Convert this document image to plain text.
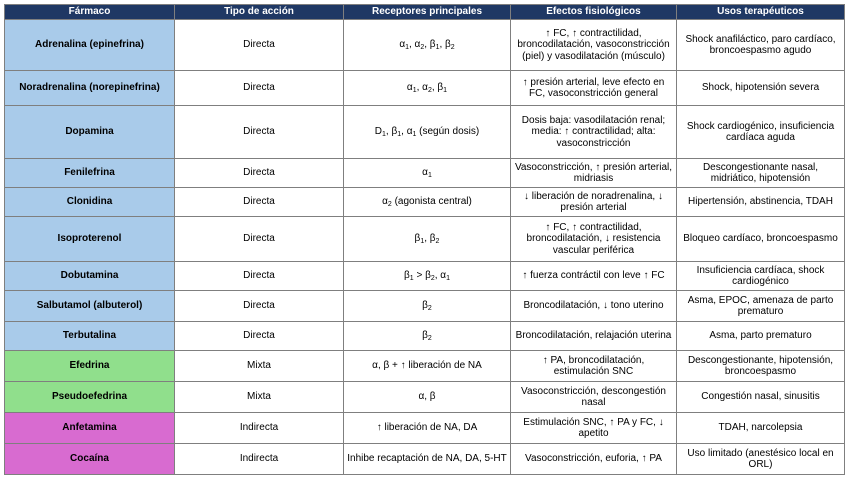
Fármaco	Tipo de acción	Receptores principales	Efectos fisiológicos	Usos terapéuticos
Adrenalina (epinefrina)	Directa	$\alpha_1$, $\alpha_2$, $\beta_1$, $\beta_2$	↑ FC, ↑ contractilidad, broncodilatación, vasoconstricción (piel) y vasodilatación (músculo)	Shock anafiláctico, paro cardíaco, broncoespasmo agudo
Noradrenalina (norepinefrina)	Directa	$\alpha_1$, $\alpha_2$, $\beta_1$	↑ presión arterial, leve efecto en FC, vasoconstricción general	Shock, hipotensión severa
Dopamina	Directa	$D_1$, $\beta_1$, $\alpha_1$ (según dosis)	Dosis baja: vasodilatación renal; media: ↑ contractilidad; alta: vasoconstricción	Shock cardiogénico, insuficiencia cardíaca aguda
Fenilefrina	Directa	$\alpha_1$	Vasoconstricción, ↑ presión arterial, midriasis	Descongestionante nasal, midriático, hipotensión
Clonidina	Directa	$\alpha_2$ (agonista central)	↓ liberación de noradrenalina, ↓ presión arterial	Hipertensión, abstinencia, TDAH
Isoproterenol	Directa	$\beta_1$, $\beta_2$	↑ FC, ↑ contractilidad, broncodilatación, ↓ resistencia vascular periférica	Bloqueo cardíaco, broncoespasmo
Dobutamina	Directa	$\beta_1 > \beta_2$, $\alpha_1$	↑ fuerza contráctil con leve ↑ FC	Insuficiencia cardíaca, shock cardiogénico
Salbutamol (albuterol)	Directa	$\beta_2$	Broncodilatación, ↓ tono uterino	Asma, EPOC, amenaza de parto prematuro
Terbutalina	Directa	$\beta_2$	Broncodilatación, relajación uterina	Asma, parto prematuro
Efedrina	Mixta	α, β + ↑ liberación de NA	↑ PA, broncodilatación, estimulación SNC	Descongestionante, hipotensión, broncoespasmo
Pseudoefedrina	Mixta	α, β	Vasoconstricción, descongestión nasal	Congestión nasal, sinusitis
Anfetamina	Indirecta	↑ liberación de NA, DA	Estimulación SNC, ↑ PA y FC, ↓ apetito	TDAH, narcolepsia
Cocaína	Indirecta	Inhibe recaptación de NA, DA, 5-HT	Vasoconstricción, euforia, ↑ PA	Uso limitado (anestésico local en ORL)
